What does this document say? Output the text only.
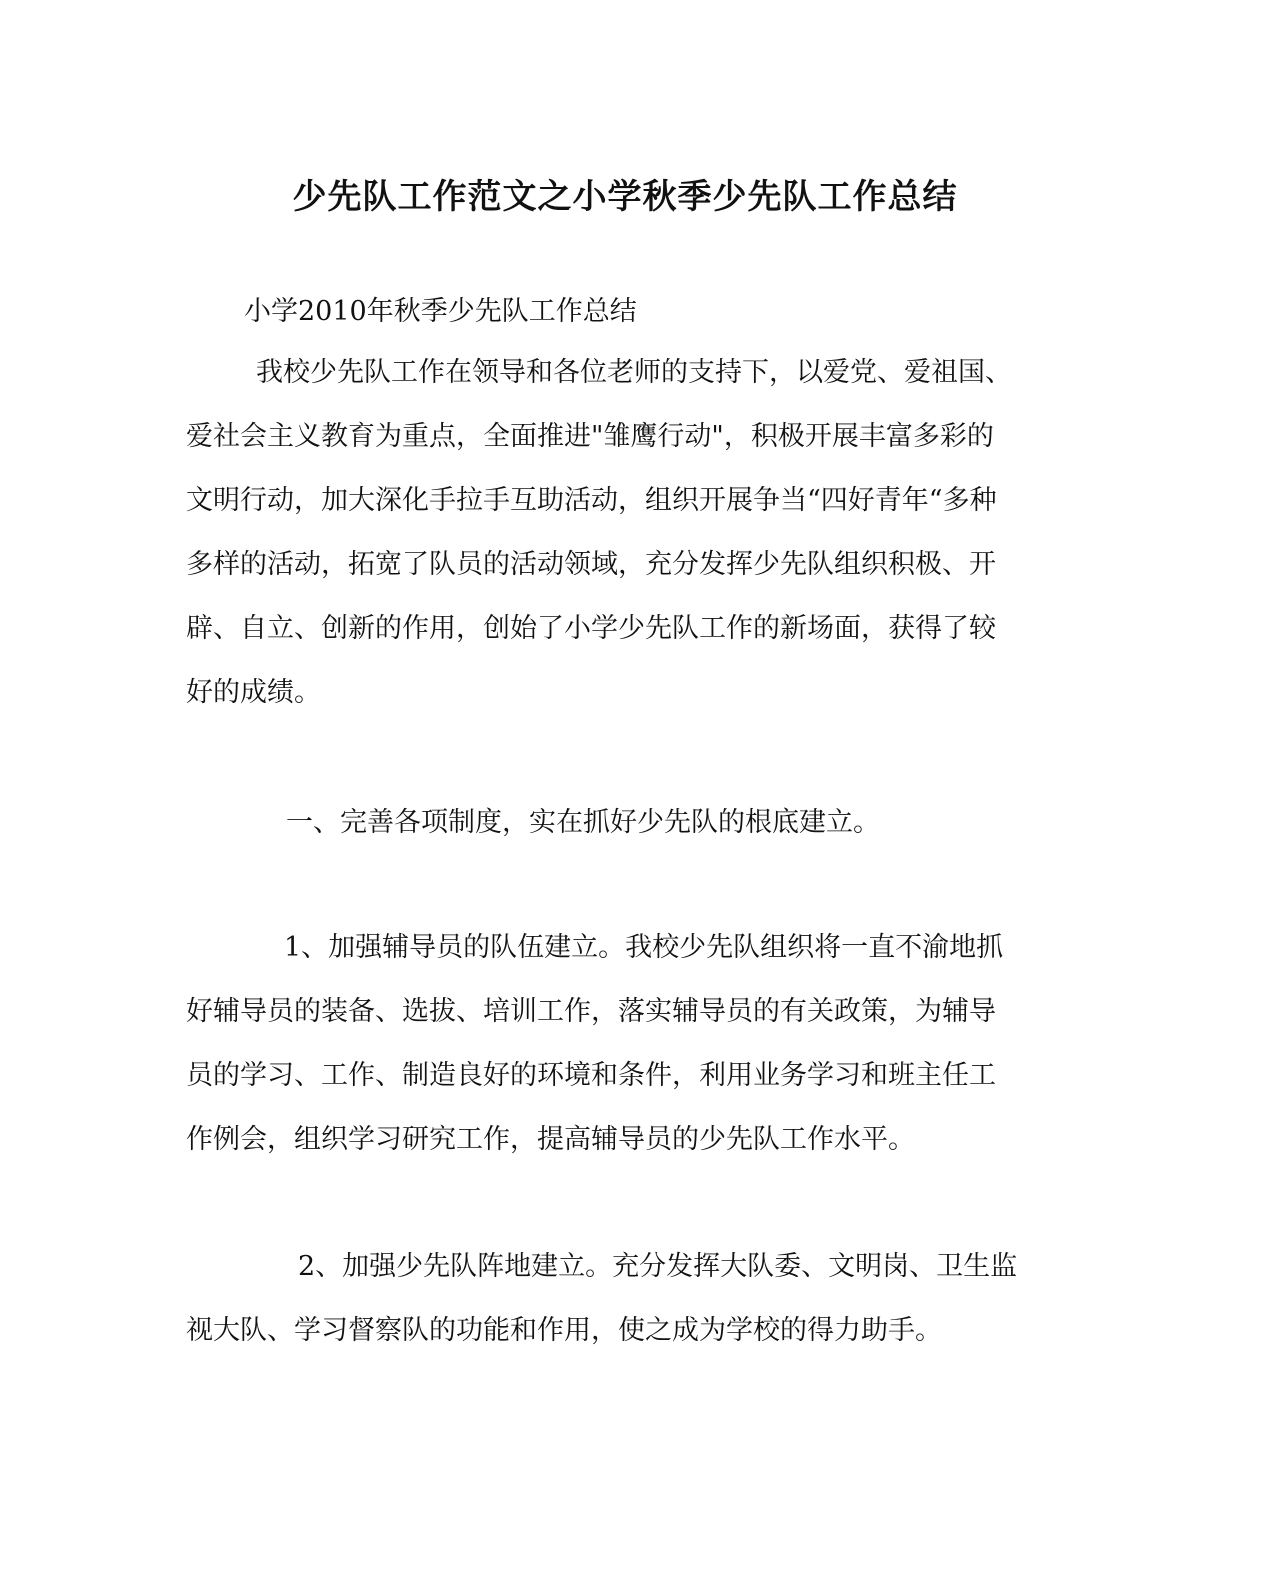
少先队工作范文之小学秋季少先队工作总结
小学2010年秋季少先队工作总结
我校少先队工作在领导和各位老师的支持下，以爱党、爱祖国、
爱社会主义教育为重点，全面推进"雏鹰行动"，积极开展丰富多彩的
文明行动，加大深化手拉手互助活动，组织开展争当“四好青年“多种
多样的活动，拓宽了队员的活动领域，充分发挥少先队组织积极、开
辟、自立、创新的作用，创始了小学少先队工作的新场面，获得了较
好的成绩。
一、完善各项制度，实在抓好少先队的根底建立。
1、加强辅导员的队伍建立。我校少先队组织将一直不渝地抓
好辅导员的装备、选拔、培训工作，落实辅导员的有关政策，为辅导
员的学习、工作、制造良好的环境和条件，利用业务学习和班主任工
作例会，组织学习研究工作，提高辅导员的少先队工作水平。
2、加强少先队阵地建立。充分发挥大队委、文明岗、卫生监
视大队、学习督察队的功能和作用，使之成为学校的得力助手。
